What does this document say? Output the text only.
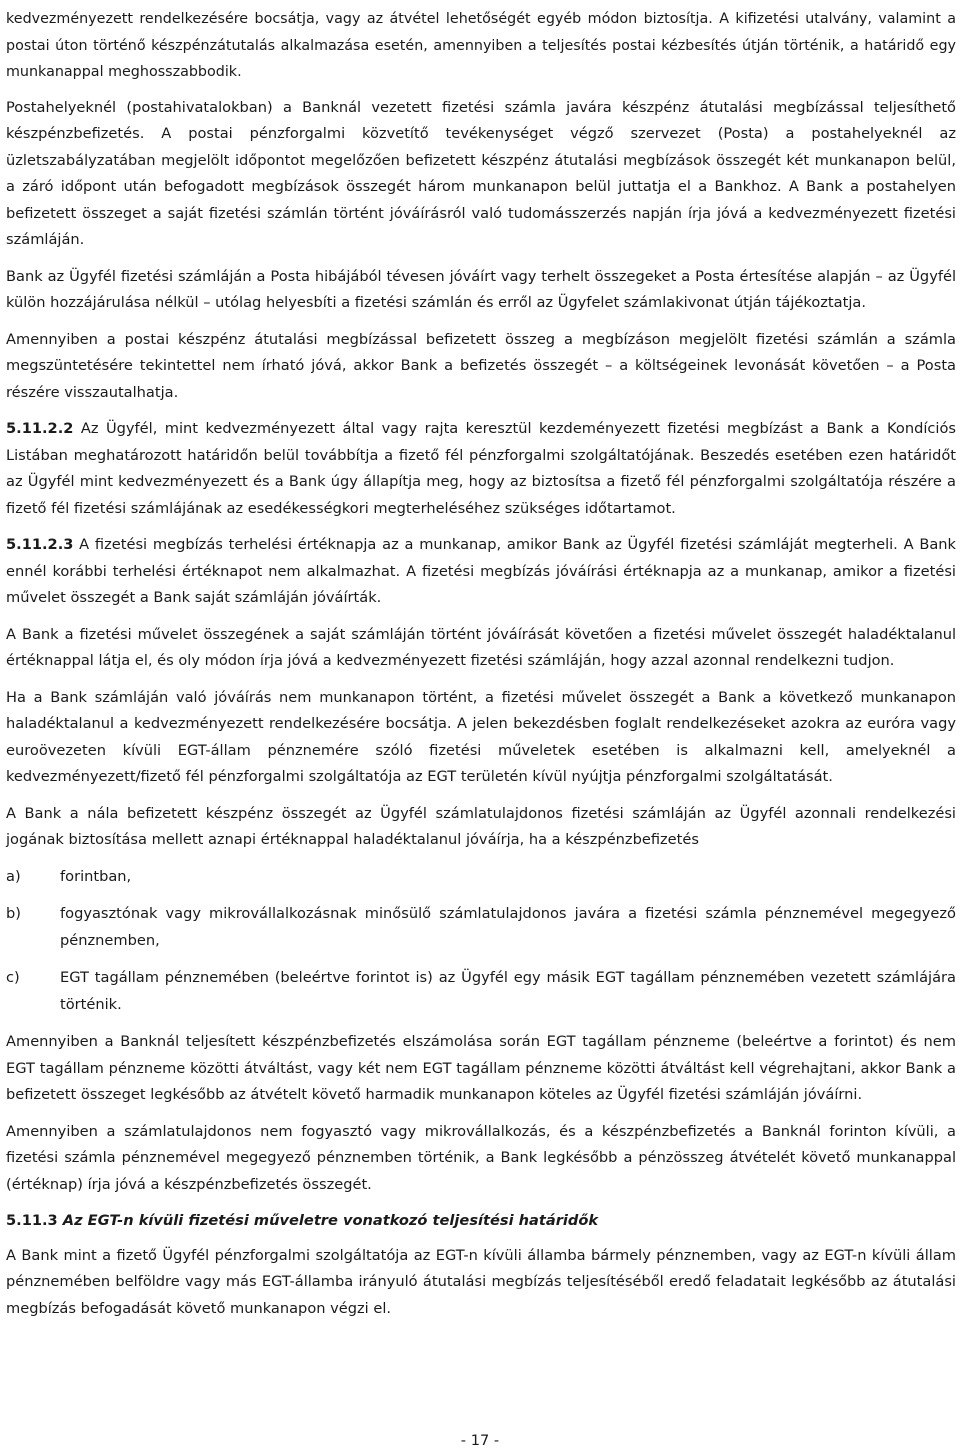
kedvezményezett rendelkezésére bocsátja, vagy az átvétel lehetőségét egyéb módon biztosítja. A kifizetési utalvány, valamint a postai úton történő készpénzátutalás alkalmazása esetén, amennyiben a teljesítés postai kézbesítés útján történik, a határidő egy munkanappal meghosszabbodik.

Postahelyeknél (postahivatalokban) a Banknál vezetett fizetési számla javára készpénz átutalási megbízással teljesíthető készpénzbefizetés. A postai pénzforgalmi közvetítő tevékenységet végző szervezet (Posta) a postahelyeknél az üzletszabályzatában megjelölt időpontot megelőzően befizetett készpénz átutalási megbízások összegét két munkanapon belül, a záró időpont után befogadott megbízások összegét három munkanapon belül juttatja el a Bankhoz. A Bank a postahelyen befizetett összeget a saját fizetési számlán történt jóváírásról való tudomásszerzés napján írja jóvá a kedvezményezett fizetési számláján.

Bank az Ügyfél fizetési számláján a Posta hibájából tévesen jóváírt vagy terhelt összegeket a Posta értesítése alapján – az Ügyfél külön hozzájárulása nélkül – utólag helyesbíti a fizetési számlán és erről az Ügyfelet számlakivonat útján tájékoztatja.

Amennyiben a postai készpénz átutalási megbízással befizetett összeg a megbízáson megjelölt fizetési számlán a számla megszüntetésére tekintettel nem írható jóvá, akkor Bank a befizetés összegét – a költségeinek levonását követően – a Posta részére visszautalhatja.

5.11.2.2 Az Ügyfél, mint kedvezményezett által vagy rajta keresztül kezdeményezett fizetési megbízást a Bank a Kondíciós Listában meghatározott határidőn belül továbbítja a fizető fél pénzforgalmi szolgáltatójának. Beszedés esetében ezen határidőt az Ügyfél mint kedvezményezett és a Bank úgy állapítja meg, hogy az biztosítsa a fizető fél pénzforgalmi szolgáltatója részére a fizető fél fizetési számlájának az esedékességkori megterheléséhez szükséges időtartamot.

5.11.2.3 A fizetési megbízás terhelési értéknapja az a munkanap, amikor Bank az Ügyfél fizetési számláját megterheli. A Bank ennél korábbi terhelési értéknapot nem alkalmazhat. A fizetési megbízás jóváírási értéknapja az a munkanap, amikor a fizetési művelet összegét a Bank saját számláján jóváírták.

A Bank a fizetési művelet összegének a saját számláján történt jóváírását követően a fizetési művelet összegét haladéktalanul értéknappal látja el, és oly módon írja jóvá a kedvezményezett fizetési számláján, hogy azzal azonnal rendelkezni tudjon.

Ha a Bank számláján való jóváírás nem munkanapon történt, a fizetési művelet összegét a Bank a következő munkanapon haladéktalanul a kedvezményezett rendelkezésére bocsátja. A jelen bekezdésben foglalt rendelkezéseket azokra az euróra vagy euroövezeten kívüli EGT-állam pénznemére szóló fizetési műveletek esetében is alkalmazni kell, amelyeknél a kedvezményezett/fizető fél pénzforgalmi szolgáltatója az EGT területén kívül nyújtja pénzforgalmi szolgáltatását.

A Bank a nála befizetett készpénz összegét az Ügyfél számlatulajdonos fizetési számláján az Ügyfél azonnali rendelkezési jogának biztosítása mellett aznapi értéknappal haladéktalanul jóváírja, ha a készpénzbefizetés

a)	forintban,
b)	fogyasztónak vagy mikrovállalkozásnak minősülő számlatulajdonos javára a fizetési számla pénznemével megegyező pénznemben,
c)	EGT tagállam pénznemében (beleértve forintot is) az Ügyfél egy másik EGT tagállam pénznemében vezetett számlájára történik.

Amennyiben a Banknál teljesített készpénzbefizetés elszámolása során EGT tagállam pénzneme (beleértve a forintot) és nem EGT tagállam pénzneme közötti átváltást, vagy két nem EGT tagállam pénzneme közötti átváltást kell végrehajtani, akkor Bank a befizetett összeget legkésőbb az átvételt követő harmadik munkanapon köteles az Ügyfél fizetési számláján jóváírni.

Amennyiben a számlatulajdonos nem fogyasztó vagy mikrovállalkozás, és a készpénzbefizetés a Banknál forinton kívüli, a fizetési számla pénznemével megegyező pénznemben történik, a Bank legkésőbb a pénzösszeg átvételét követő munkanappal (értéknap) írja jóvá a készpénzbefizetés összegét.

5.11.3 Az EGT-n kívüli fizetési műveletre vonatkozó teljesítési határidők

A Bank mint a fizető Ügyfél pénzforgalmi szolgáltatója az EGT-n kívüli államba bármely pénznemben, vagy az EGT-n kívüli állam pénznemében belföldre vagy más EGT-államba irányuló átutalási megbízás teljesítéséből eredő feladatait legkésőbb az átutalási megbízás befogadását követő munkanapon végzi el.

- 17 -
